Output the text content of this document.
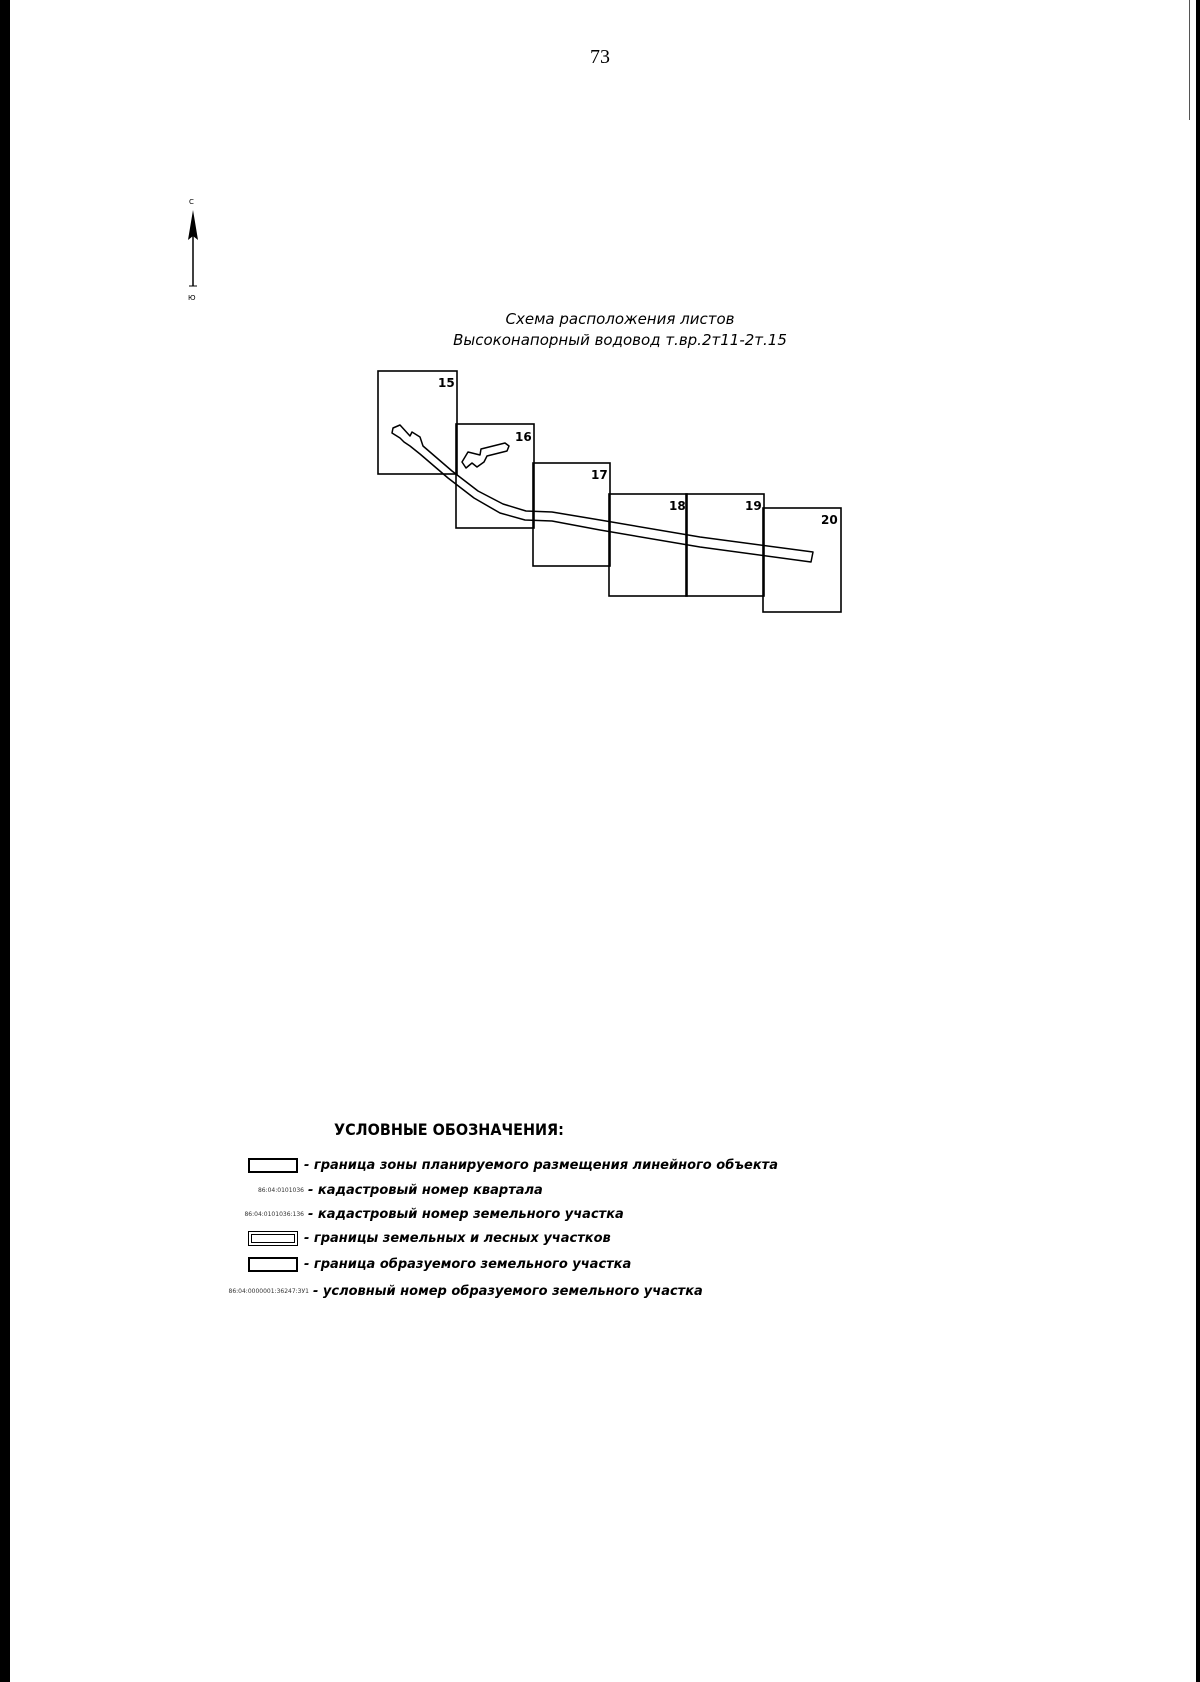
73
С
Ю
Схема расположения листов
Высоконапорный водовод т.вр.2т11-2т.15
15
16
17
18	19
20
УСЛОВНЫЕ ОБОЗНАЧЕНИЯ:
- граница зоны планируемого размещения линейного объекта
86:04:0101036 - кадастровый номер квартала
86:04:0101036:136 - кадастровый номер земельного участка
- границы земельных и лесных участков
- граница образуемого земельного участка
86:04:0000001:36247:ЗУ1 - условный номер образуемого земельного участка
